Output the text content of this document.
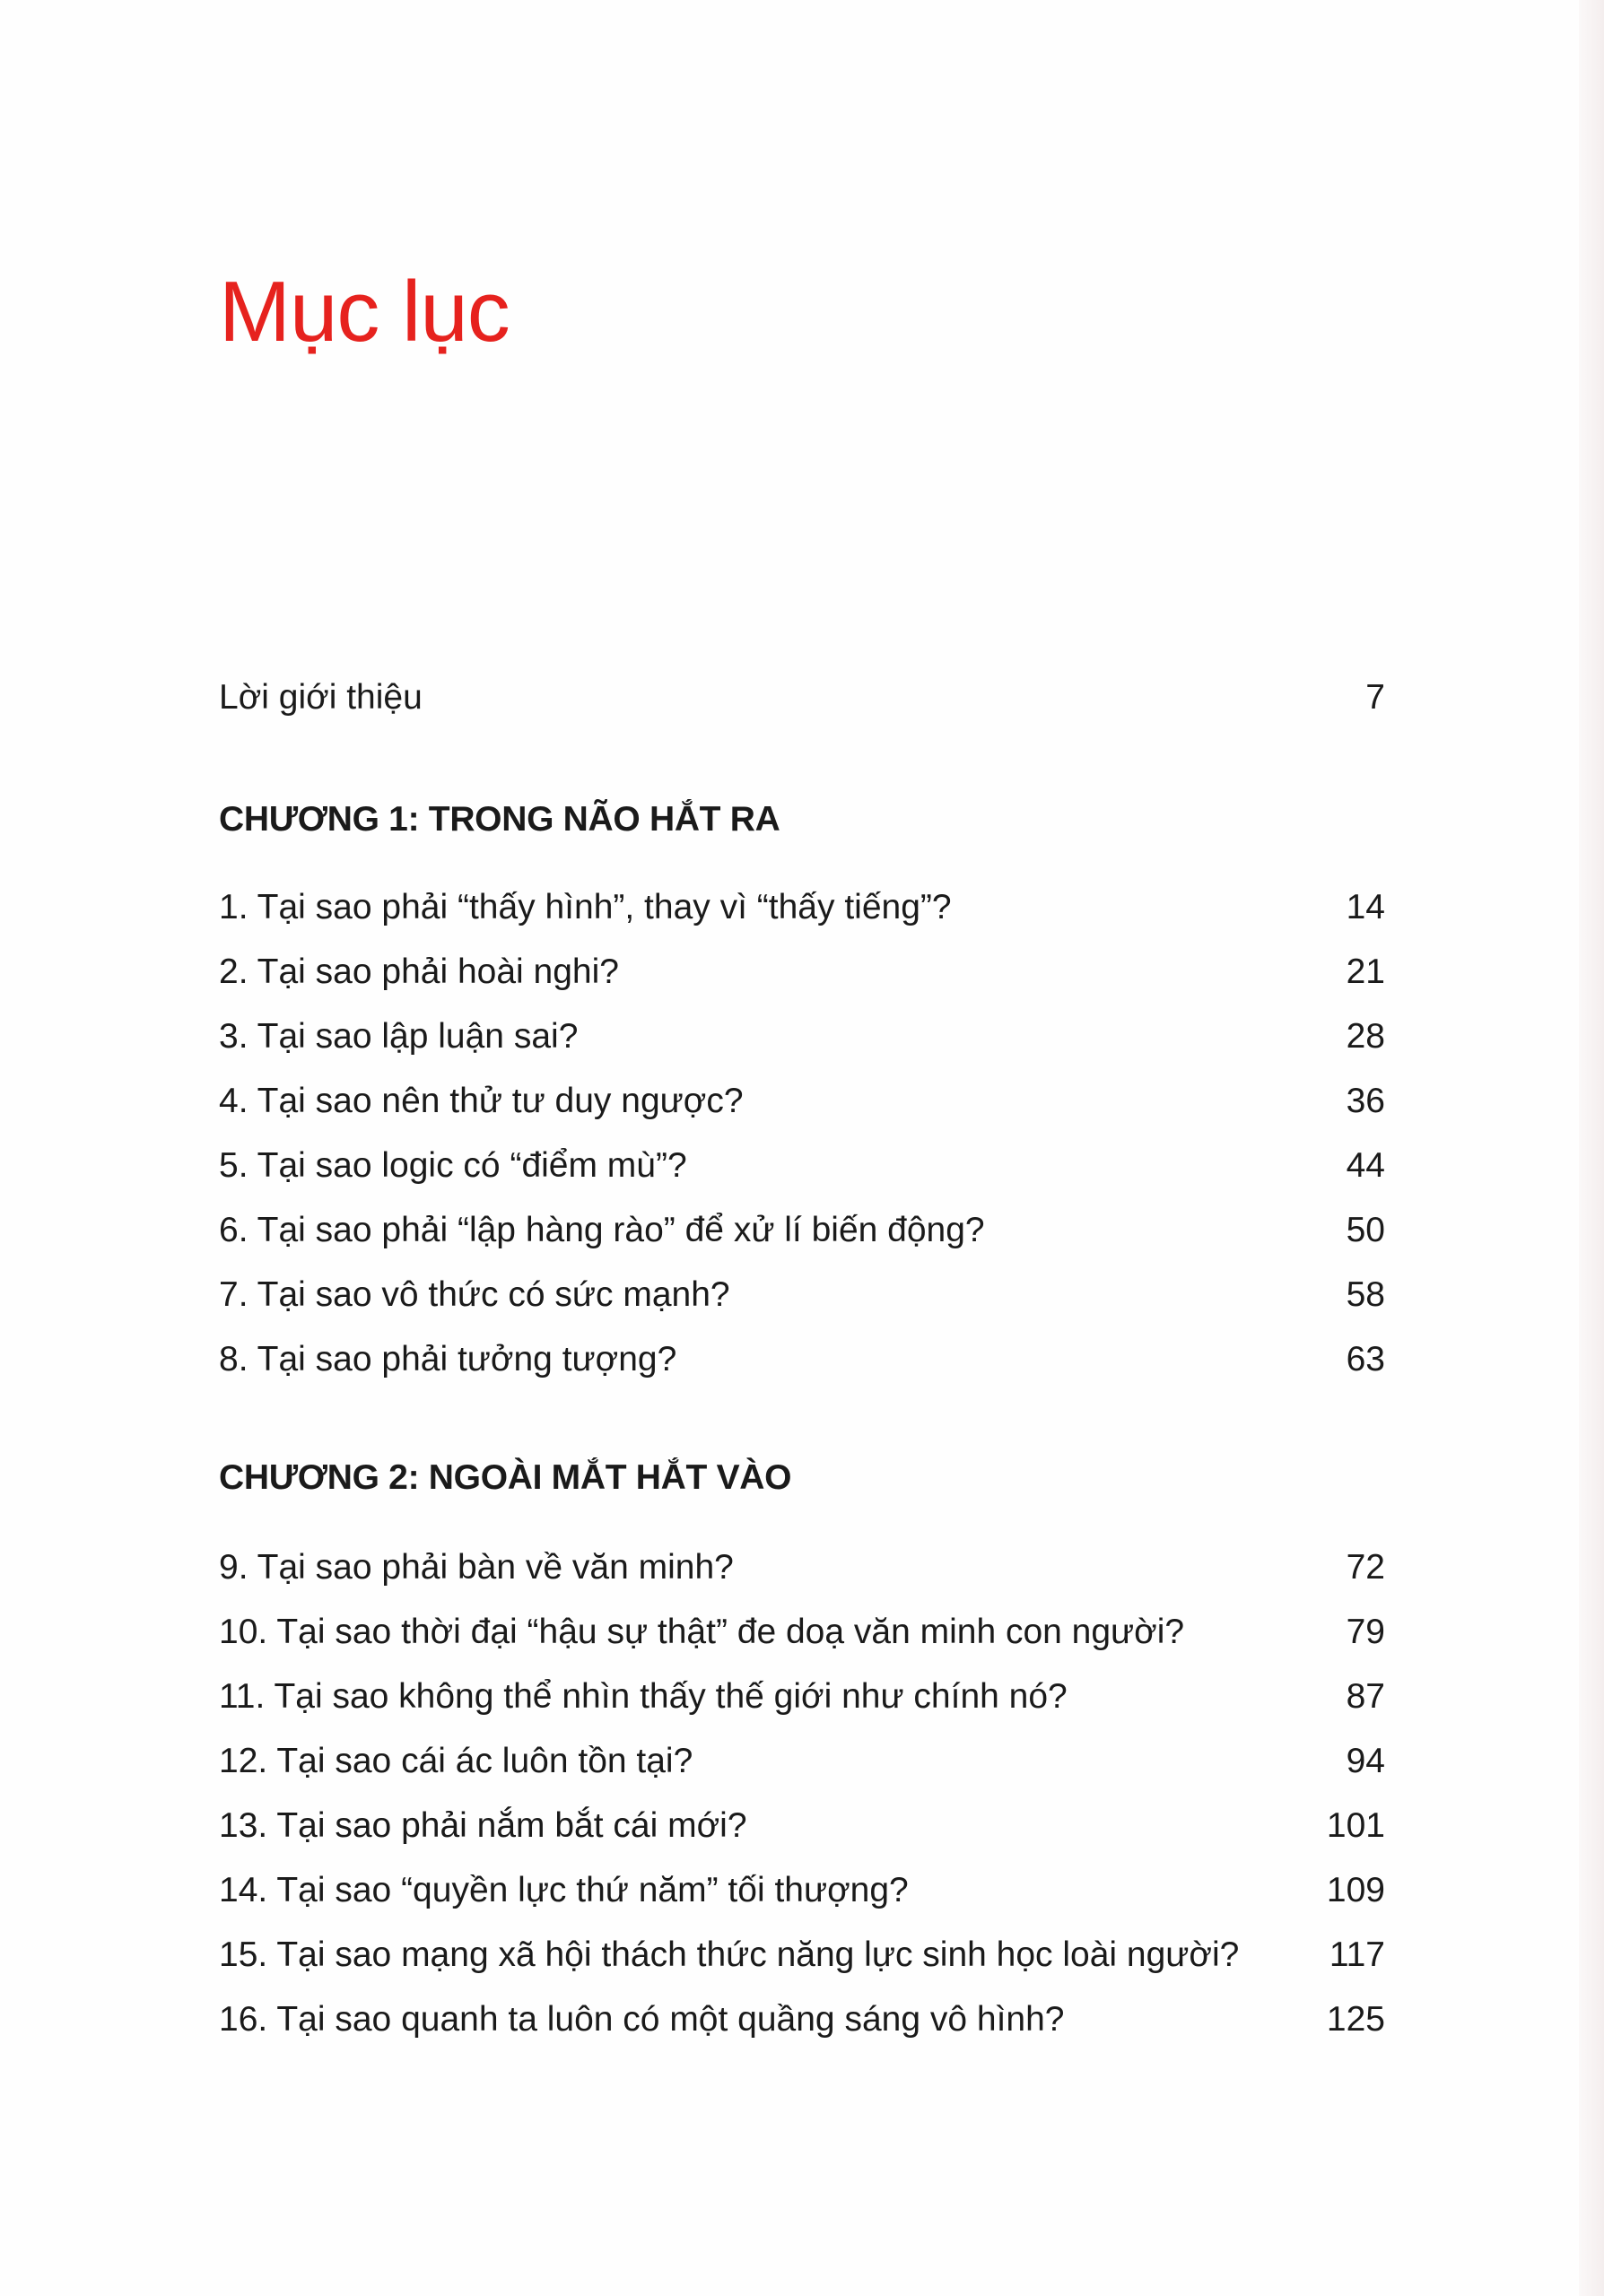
Mục lục
Lời giới thiệu	7
CHƯƠNG 1: TRONG NÃO HẮT RA
1. Tại sao phải “thấy hình”, thay vì “thấy tiếng”?	14
2. Tại sao phải hoài nghi?	21
3. Tại sao lập luận sai?	28
4. Tại sao nên thử tư duy ngược?	36
5. Tại sao logic có “điểm mù”?	44
6. Tại sao phải “lập hàng rào” để xử lí biến động?	50
7. Tại sao vô thức có sức mạnh?	58
8. Tại sao phải tưởng tượng?	63
CHƯƠNG 2: NGOÀI MẮT HẮT VÀO
9. Tại sao phải bàn về văn minh?	72
10. Tại sao thời đại “hậu sự thật” đe doạ văn minh con người?	79
11. Tại sao không thể nhìn thấy thế giới như chính nó?	87
12. Tại sao cái ác luôn tồn tại?	94
13. Tại sao phải nắm bắt cái mới?	101
14. Tại sao “quyền lực thứ năm” tối thượng?	109
15. Tại sao mạng xã hội thách thức năng lực sinh học loài người?	117
16. Tại sao quanh ta luôn có một quầng sáng vô hình?	125
